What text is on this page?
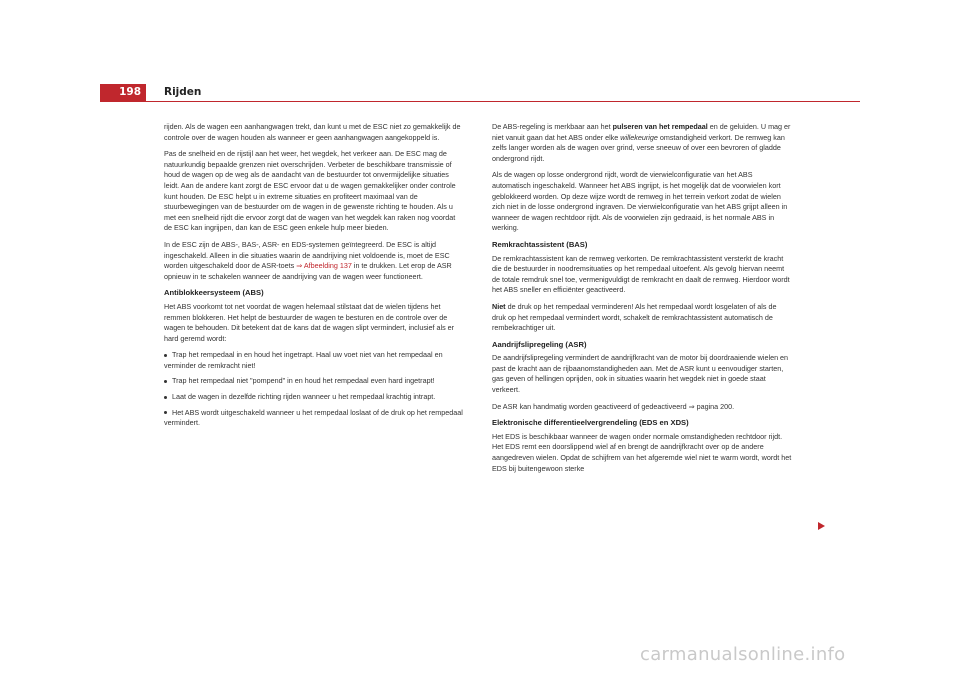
198	Rijden

rijden. Als de wagen een aanhangwagen trekt, dan kunt u met de ESC niet zo gemakkelijk de controle over de wagen houden als wanneer er geen aanhangwagen aangekoppeld is.

Pas de snelheid en de rijstijl aan het weer, het wegdek, het verkeer aan. De ESC mag de natuurkundig bepaalde grenzen niet overschrijden. Verbeter de beschikbare transmissie of houd de wagen op de weg als de aandacht van de bestuurder tot onvermijdelijke situaties leidt. Aan de andere kant zorgt de ESC ervoor dat u de wagen gemakkelijker onder controle kunt houden. De ESC helpt u in extreme situaties en profiteert maximaal van de stuurbewegingen van de bestuurder om de wagen in de gewenste richting te houden. Als u met een snelheid rijdt die ervoor zorgt dat de wagen van het wegdek kan raken nog voordat de ESC kan ingrijpen, dan kan de ESC geen enkele hulp meer bieden.

In de ESC zijn de ABS-, BAS-, ASR- en EDS-systemen geïntegreerd. De ESC is altijd ingeschakeld. Alleen in die situaties waarin de aandrijving niet voldoende is, moet de ESC worden uitgeschakeld door de ASR-toets ⇒ Afbeelding 137 in te drukken. Let erop de ASR opnieuw in te schakelen wanneer de aandrijving van de wagen weer functioneert.

Antiblokkeersysteem (ABS)

Het ABS voorkomt tot net voordat de wagen helemaal stilstaat dat de wielen tijdens het remmen blokkeren. Het helpt de bestuurder de wagen te besturen en de controle over de wagen te behouden. Dit betekent dat de kans dat de wagen slipt vermindert, inclusief als er hard geremd wordt:

Trap het rempedaal in en houd het ingetrapt. Haal uw voet niet van het rempedaal en verminder de remkracht niet!
Trap het rempedaal niet "pompend" in en houd het rempedaal even hard ingetrapt!
Laat de wagen in dezelfde richting rijden wanneer u het rempedaal krachtig intrapt.
Het ABS wordt uitgeschakeld wanneer u het rempedaal loslaat of de druk op het rempedaal vermindert.

De ABS-regeling is merkbaar aan het pulseren van het rempedaal en de geluiden. U mag er niet vanuit gaan dat het ABS onder elke willekeurige omstandigheid verkort. De remweg kan zelfs langer worden als de wagen over grind, verse sneeuw of over een bevroren of gladde ondergrond rijdt.

Als de wagen op losse ondergrond rijdt, wordt de vierwielconfiguratie van het ABS automatisch ingeschakeld. Wanneer het ABS ingrijpt, is het mogelijk dat de voorwielen kort geblokkeerd worden. Op deze wijze wordt de remweg in het terrein verkort zodat de wielen zich niet in de losse ondergrond ingraven. De vierwielconfiguratie van het ABS grijpt alleen in wanneer de wagen rechtdoor rijdt. Als de voorwielen zijn gedraaid, is het normale ABS in werking.

Remkrachtassistent (BAS)

De remkrachtassistent kan de remweg verkorten. De remkrachtassistent versterkt de kracht die de bestuurder in noodremsituaties op het rempedaal uitoefent. Als gevolg hiervan neemt de totale remdruk snel toe, vermenigvuldigt de remkracht en daalt de remweg. Hierdoor wordt het ABS sneller en efficiënter geactiveerd.

Niet de druk op het rempedaal verminderen! Als het rempedaal wordt losgelaten of als de druk op het rempedaal vermindert wordt, schakelt de remkrachtassistent automatisch de rembekrachtiger uit.

Aandrijfslipregeling (ASR)

De aandrijfslipregeling vermindert de aandrijfkracht van de motor bij doordraaiende wielen en past de kracht aan de rijbaanomstandigheden aan. Met de ASR kunt u eenvoudiger starten, gas geven of hellingen oprijden, ook in situaties waarin het wegdek niet in goede staat verkeert.

De ASR kan handmatig worden geactiveerd of gedeactiveerd ⇒ pagina 200.

Elektronische differentieelvergrendeling (EDS en XDS)

Het EDS is beschikbaar wanneer de wagen onder normale omstandigheden rechtdoor rijdt. Het EDS remt een doorslippend wiel af en brengt de aandrijfkracht over op de andere aangedreven wielen. Opdat de schijfrem van het afgeremde wiel niet te warm wordt, wordt het EDS bij buitengewoon sterke

carmanualsonline.info
